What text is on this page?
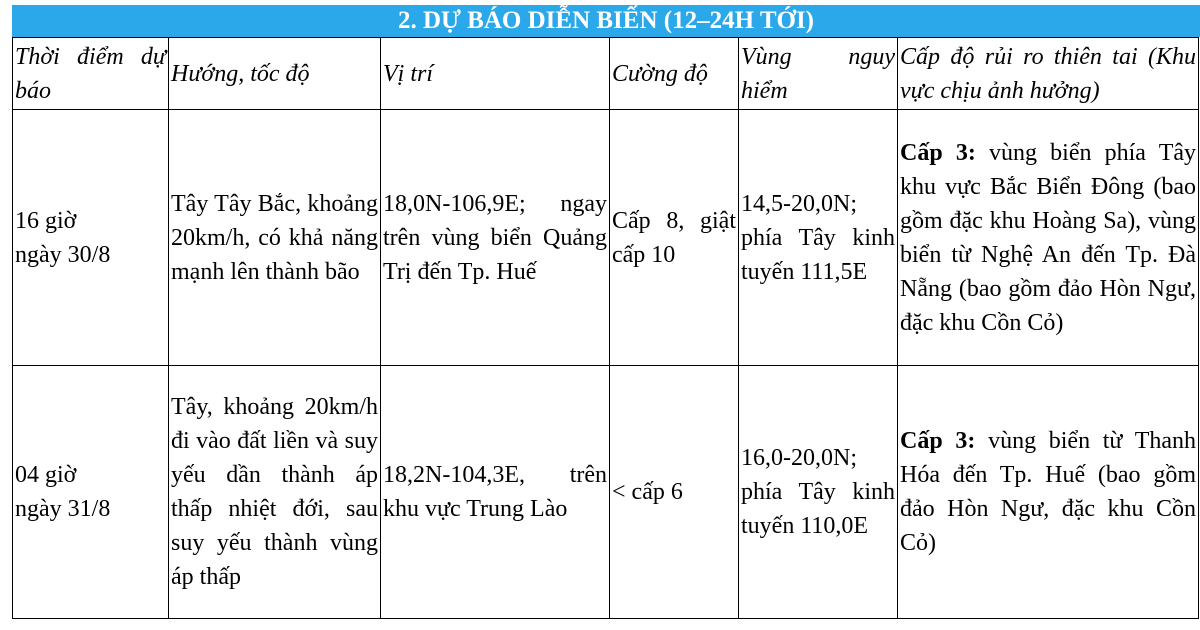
2. DỰ BÁO DIỄN BIẾN (12–24H TỚI)
Thời điểm dự báo	Hướng, tốc độ	Vị trí	Cường độ	Vùng nguy hiểm	Cấp độ rủi ro thiên tai (Khu vực chịu ảnh hưởng)
16 giờ
ngày 30/8	Tây Tây Bắc, khoảng 20km/h, có khả năng mạnh lên thành bão	18,0N-106,9E; ngay trên vùng biển Quảng Trị đến Tp. Huế	Cấp 8, giật cấp 10	14,5-20,0N; phía Tây kinh tuyến 111,5E	Cấp 3: vùng biển phía Tây khu vực Bắc Biển Đông (bao gồm đặc khu Hoàng Sa), vùng biển từ Nghệ An đến Tp. Đà Nẵng (bao gồm đảo Hòn Ngư, đặc khu Cồn Cỏ)
04 giờ
ngày 31/8	Tây, khoảng 20km/h đi vào đất liền và suy yếu dần thành áp thấp nhiệt đới, sau suy yếu thành vùng áp thấp	18,2N-104,3E, trên khu vực Trung Lào	< cấp 6	16,0-20,0N; phía Tây kinh tuyến 110,0E	Cấp 3: vùng biển từ Thanh Hóa đến Tp. Huế (bao gồm đảo Hòn Ngư, đặc khu Cồn Cỏ)
